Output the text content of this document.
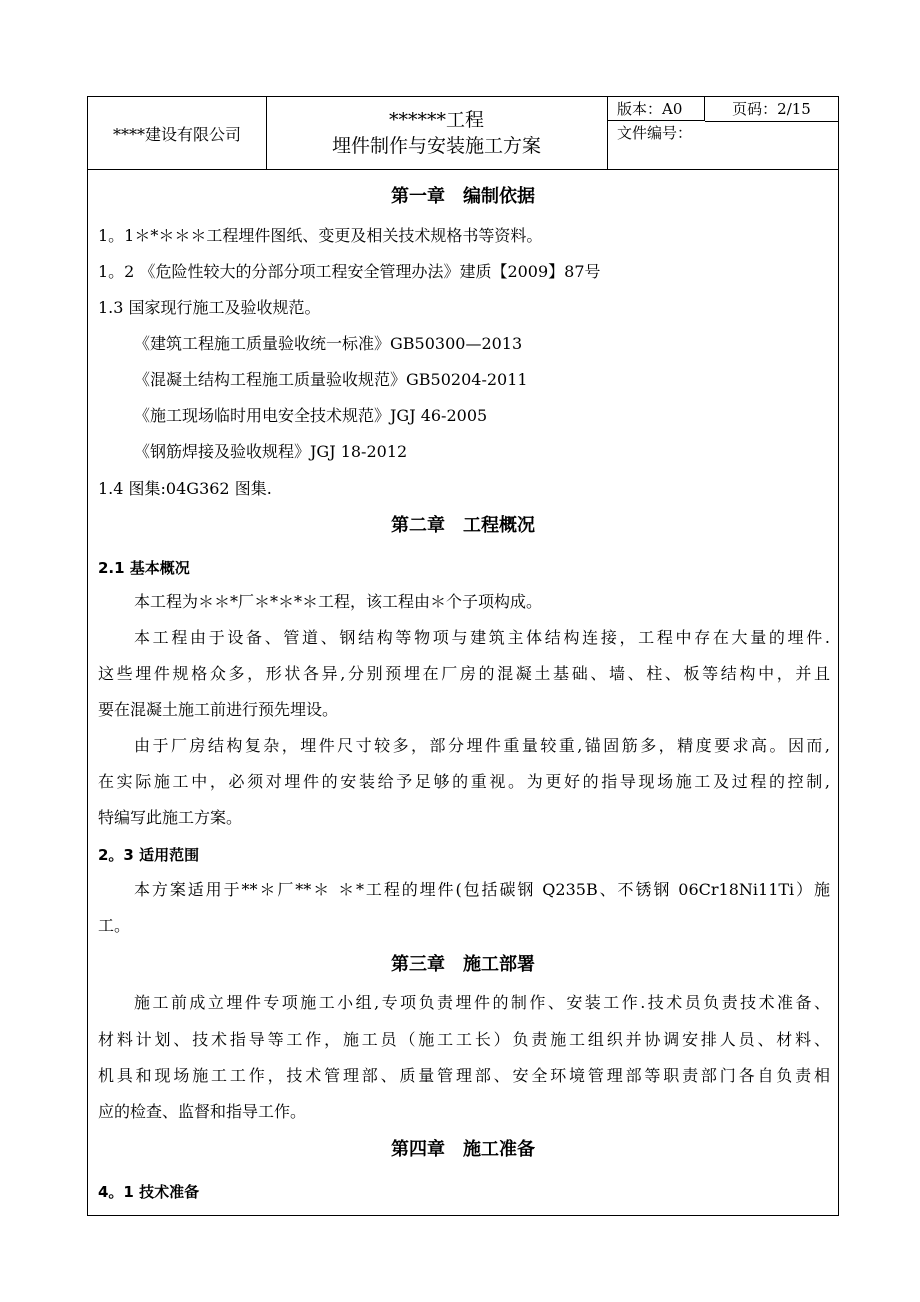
****建设有限公司
******工程
埋件制作与安装施工方案
版本：A0	页码：2/15
文件编号：
第一章　编制依据
1。1＊*＊＊＊工程埋件图纸、变更及相关技术规格书等资料。
1。2 《危险性较大的分部分项工程安全管理办法》建质【2009】87号
1.3 国家现行施工及验收规范。
《建筑工程施工质量验收统一标准》GB50300—2013
《混凝土结构工程施工质量验收规范》GB50204-2011
《施工现场临时用电安全技术规范》JGJ 46-2005
《钢筋焊接及验收规程》JGJ 18-2012
1.4 图集:04G362 图集.
第二章　工程概况
2.1 基本概况
本工程为＊＊*厂＊*＊*＊工程，该工程由＊个子项构成。
本工程由于设备、管道、钢结构等物项与建筑主体结构连接，工程中存在大量的埋件.
这些埋件规格众多，形状各异,分别预埋在厂房的混凝土基础、墙、柱、板等结构中，并且
要在混凝土施工前进行预先埋设。
由于厂房结构复杂，埋件尺寸较多，部分埋件重量较重,锚固筋多，精度要求高。因而,
在实际施工中，必须对埋件的安装给予足够的重视。为更好的指导现场施工及过程的控制,
特编写此施工方案。
2。3 适用范围
本方案适用于**＊厂**＊ ＊*工程的埋件(包括碳钢 Q235B、不锈钢 06Cr18Ni11Ti）施
工。
第三章　施工部署
施工前成立埋件专项施工小组,专项负责埋件的制作、安装工作.技术员负责技术准备、
材料计划、技术指导等工作，施工员（施工工长）负责施工组织并协调安排人员、材料、
机具和现场施工工作，技术管理部、质量管理部、安全环境管理部等职责部门各自负责相
应的检查、监督和指导工作。
第四章　施工准备
4。1 技术准备
